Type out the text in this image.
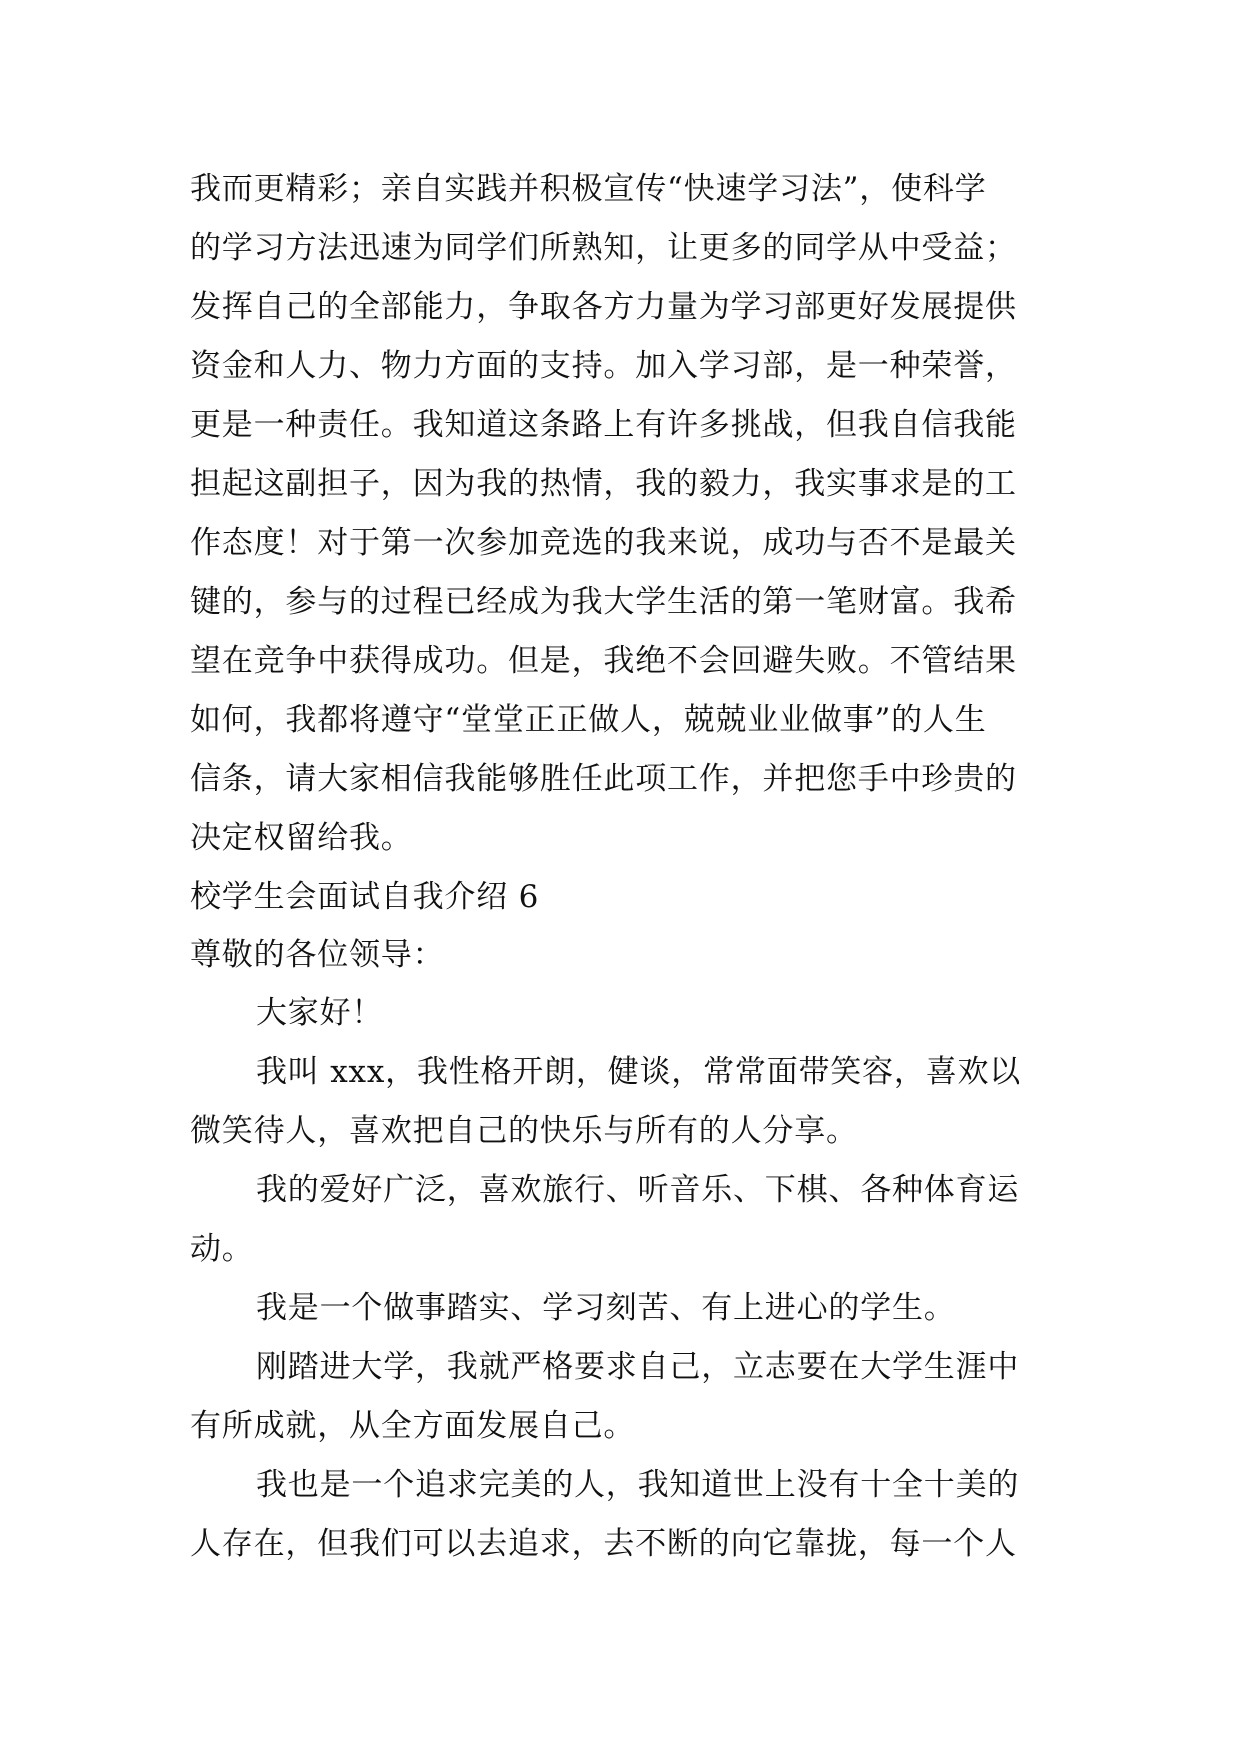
我而更精彩；亲自实践并积极宣传“快速学习法”，使科学
的学习方法迅速为同学们所熟知，让更多的同学从中受益；
发挥自己的全部能力，争取各方力量为学习部更好发展提供
资金和人力、物力方面的支持。加入学习部，是一种荣誉，
更是一种责任。我知道这条路上有许多挑战，但我自信我能
担起这副担子，因为我的热情，我的毅力，我实事求是的工
作态度！对于第一次参加竞选的我来说，成功与否不是最关
键的，参与的过程已经成为我大学生活的第一笔财富。我希
望在竞争中获得成功。但是，我绝不会回避失败。不管结果
如何，我都将遵守“堂堂正正做人，兢兢业业做事”的人生
信条，请大家相信我能够胜任此项工作，并把您手中珍贵的
决定权留给我。
校学生会面试自我介绍 6
尊敬的各位领导：
大家好！
我叫 xxx，我性格开朗，健谈，常常面带笑容，喜欢以
微笑待人，喜欢把自己的快乐与所有的人分享。
我的爱好广泛，喜欢旅行、听音乐、下棋、各种体育运
动。
我是一个做事踏实、学习刻苦、有上进心的学生。
刚踏进大学，我就严格要求自己，立志要在大学生涯中
有所成就，从全方面发展自己。
我也是一个追求完美的人，我知道世上没有十全十美的
人存在，但我们可以去追求，去不断的向它靠拢，每一个人
